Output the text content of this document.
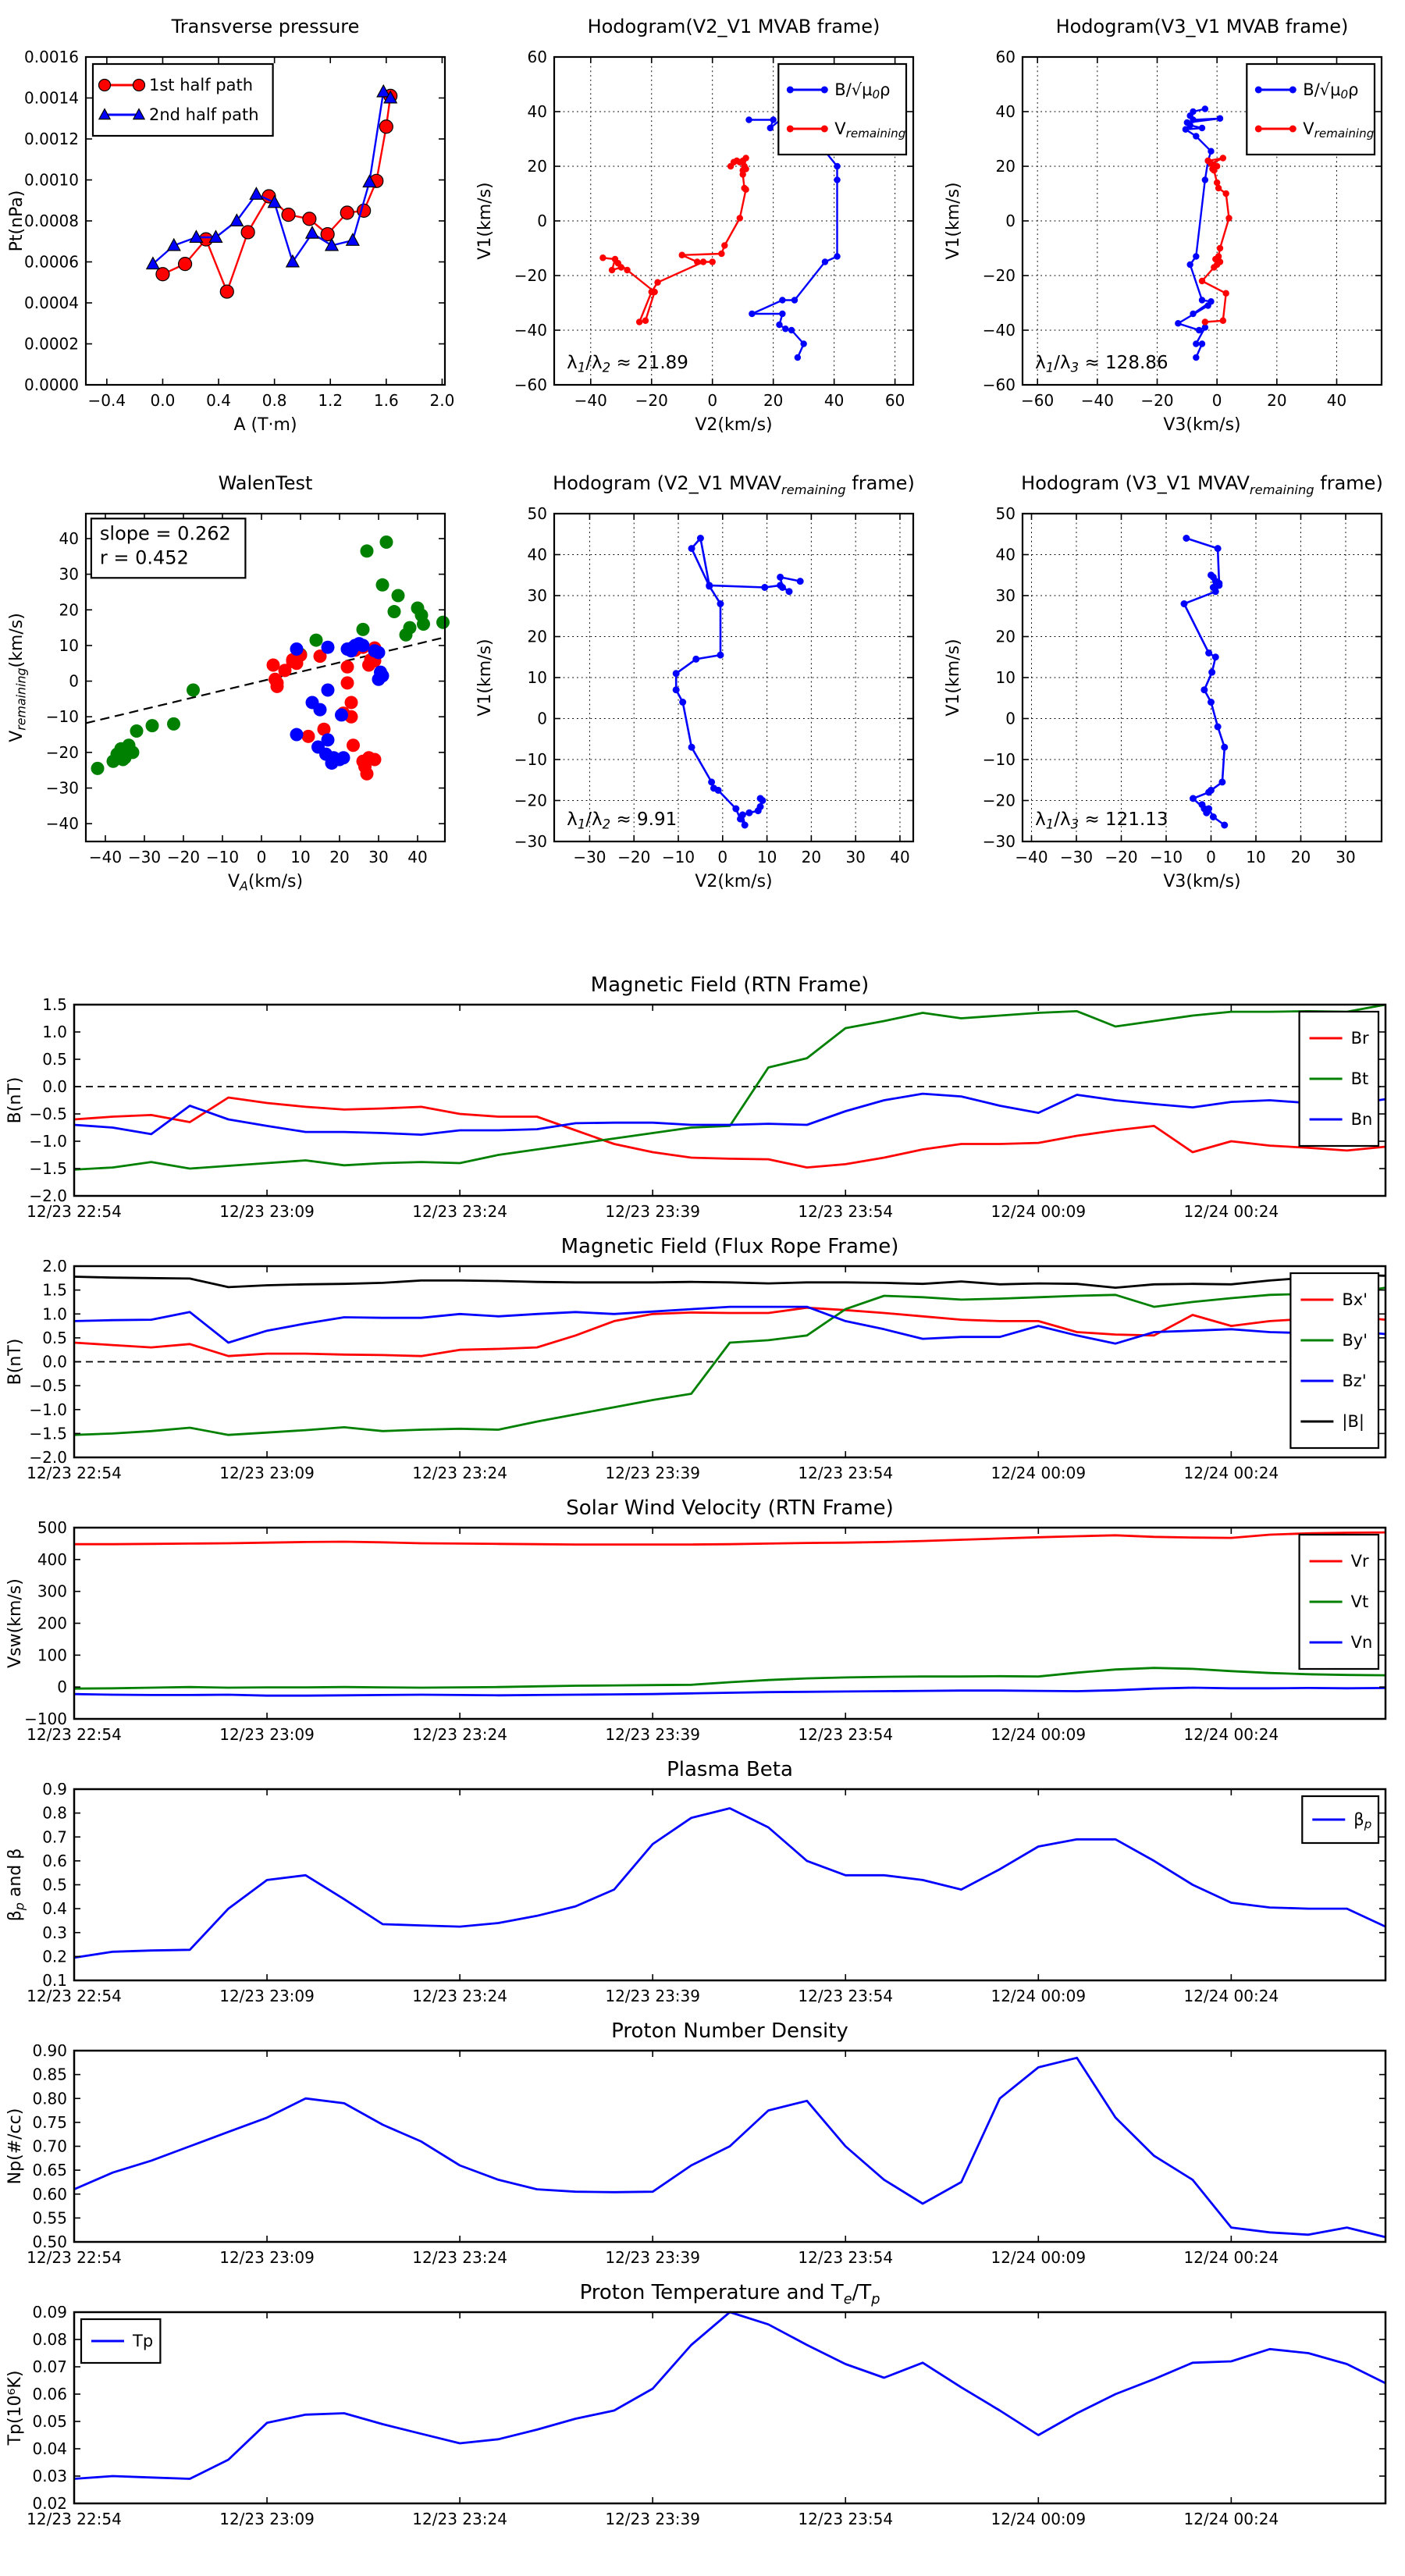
Transverse pressure
−0.4 0.0 0.4 0.8 1.2 1.6 2.0
0.0000
0.0002
0.0004
0.0006
0.0008
0.0010
0.0012
0.0014
0.0016
A (T·m)
Pt(nPa)
1st half path
2nd half path
Hodogram(V2_V1 MVAB frame)
−40 −20	0	20	40	60
−60
−40
−20
0
20
40
60
V2(km/s)
V1(km/s)
$\lambda_1/\lambda_2 \approx 21.89$
$B/√\mu_0\rho$
$V_{remaining}$
Hodogram(V3_V1 MVAB frame)
−60 −40 −20 0	20	40
−60
−40
−20
0
20
40
60
V3(km/s)
V1(km/s)
$\lambda_1/\lambda_3 \approx 128.86$
$B/√\mu_0\rho$
$V_{remaining}$
WalenTest
−40 −30 −20 −10 0 10 20 30 40
−40
−30
−20
−10
0
10
20
30
40
$V_A(km/s)$
$V_{remaining}(km/s)$
slope = 0.262
r = 0.452
Hodogram (V2_V1 $MVAV_{remaining}$ frame)
−30 −20 −10 0 10 20 30 40
−30
−20
−10
0
10
20
30
40
50
V2(km/s)
V1(km/s)
$\lambda_1/\lambda_2 \approx 9.91$
Hodogram (V3_V1 $MVAV_{remaining}$ frame)
−40 −30 −20 −10 0 10 20 30
−30
−20
−10
0
10
20
30
40
50
V3(km/s)
V1(km/s)
$\lambda_1/\lambda_3 \approx 121.13$
Magnetic Field (RTN Frame)
12/23 22:54	12/23 23:09	12/23 23:24	12/23 23:39	12/23 23:54	12/24 00:09	12/24 00:24
−2.0
−1.5
−1.0
−0.5
0.0
0.5
1.0
1.5
B(nT)
Br
Bt
Bn
Magnetic Field (Flux Rope Frame)
12/23 22:54	12/23 23:09	12/23 23:24	12/23 23:39	12/23 23:54	12/24 00:09	12/24 00:24
−2.0
−1.5
−1.0
−0.5
0.0
0.5
1.0
1.5
2.0
B(nT)
Bx'
By'
Bz'
|B|
Solar Wind Velocity (RTN Frame)
12/23 22:54	12/23 23:09	12/23 23:24	12/23 23:39	12/23 23:54	12/24 00:09	12/24 00:24
−100
0
100
200
300
400
500
Vsw(km/s)
Vr
Vt
Vn
Plasma Beta
12/23 22:54	12/23 23:09	12/23 23:24	12/23 23:39	12/23 23:54	12/24 00:09	12/24 00:24
0.1
0.2
0.3
0.4
0.5
0.6
0.7
0.8
0.9
$\beta_p$ and β
$\beta_p$
Proton Number Density
12/23 22:54	12/23 23:09	12/23 23:24	12/23 23:39	12/23 23:54	12/24 00:09	12/24 00:24
0.50
0.55
0.60
0.65
0.70
0.75
0.80
0.85
0.90
Np(#/cc)
Proton Temperature and $T_e/T_p$
12/23 22:54	12/23 23:09	12/23 23:24	12/23 23:39	12/23 23:54	12/24 00:09	12/24 00:24
0.02
0.03
0.04
0.05
0.06
0.07
0.08
0.09
Tp(10⁶K)
Tp
